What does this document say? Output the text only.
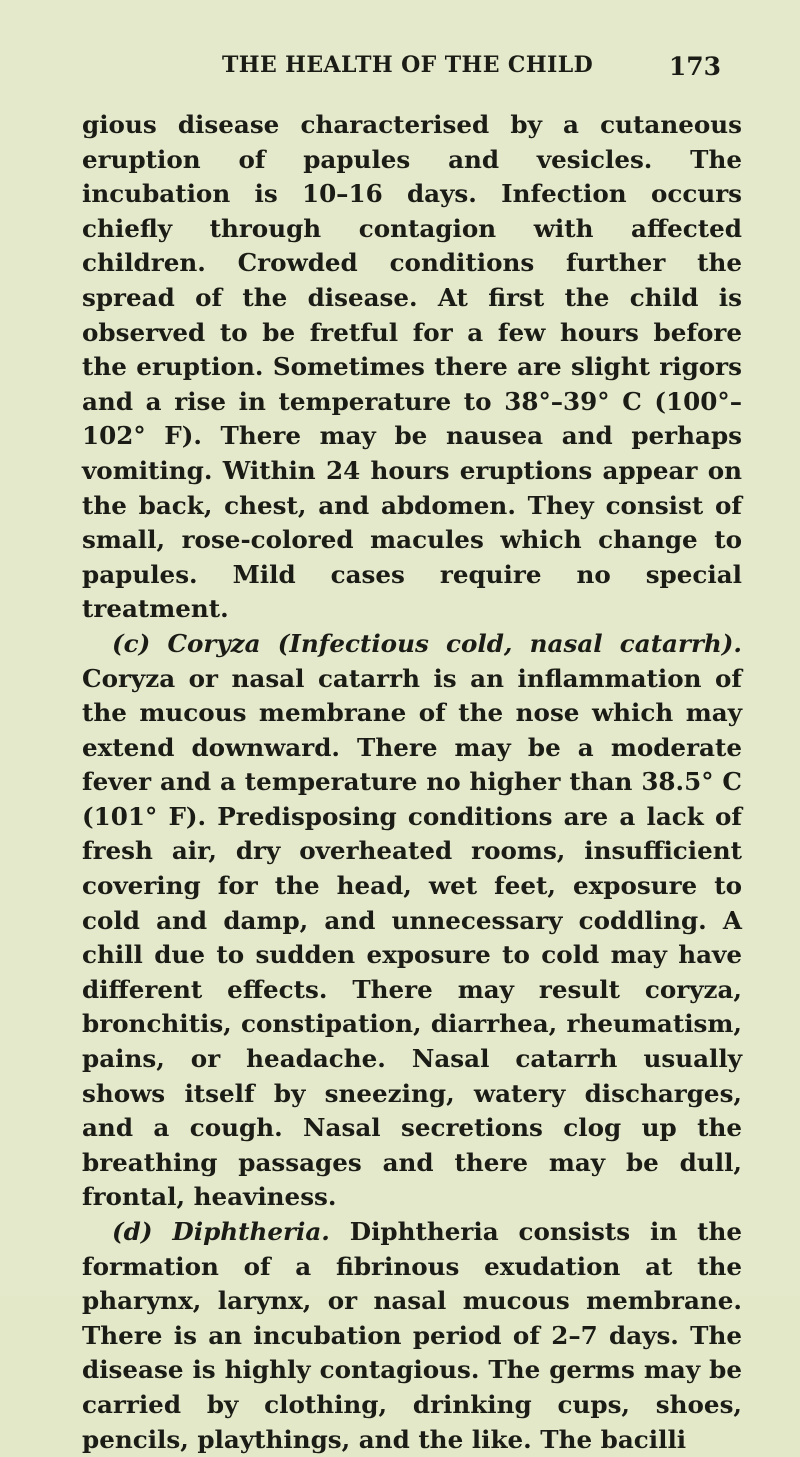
THE HEALTH OF THE CHILD	173

gious disease characterised by a cutaneous eruption of papules and vesicles. The incubation is 10–16 days. Infection occurs chiefly through contagion with affected children. Crowded conditions further the spread of the disease. At first the child is observed to be fretful for a few hours before the eruption. Sometimes there are slight rigors and a rise in temperature to 38°–39° C (100°–102° F). There may be nausea and perhaps vomiting. Within 24 hours eruptions appear on the back, chest, and abdomen. They consist of small, rose-colored macules which change to papules. Mild cases require no special treatment.

(c) Coryza (Infectious cold, nasal catarrh). Coryza or nasal catarrh is an inflammation of the mucous membrane of the nose which may extend downward. There may be a moderate fever and a temperature no higher than 38.5° C (101° F). Predisposing conditions are a lack of fresh air, dry overheated rooms, insufficient covering for the head, wet feet, exposure to cold and damp, and unnecessary coddling. A chill due to sudden exposure to cold may have different effects. There may result coryza, bronchitis, constipation, diarrhea, rheumatism, pains, or headache. Nasal catarrh usually shows itself by sneezing, watery discharges, and a cough. Nasal secretions clog up the breathing passages and there may be dull, frontal, heaviness.

(d) Diphtheria. Diphtheria consists in the formation of a fibrinous exudation at the pharynx, larynx, or nasal mucous membrane. There is an incubation period of 2–7 days. The disease is highly contagious. The germs may be carried by clothing, drinking cups, shoes, pencils, playthings, and the like. The bacilli
